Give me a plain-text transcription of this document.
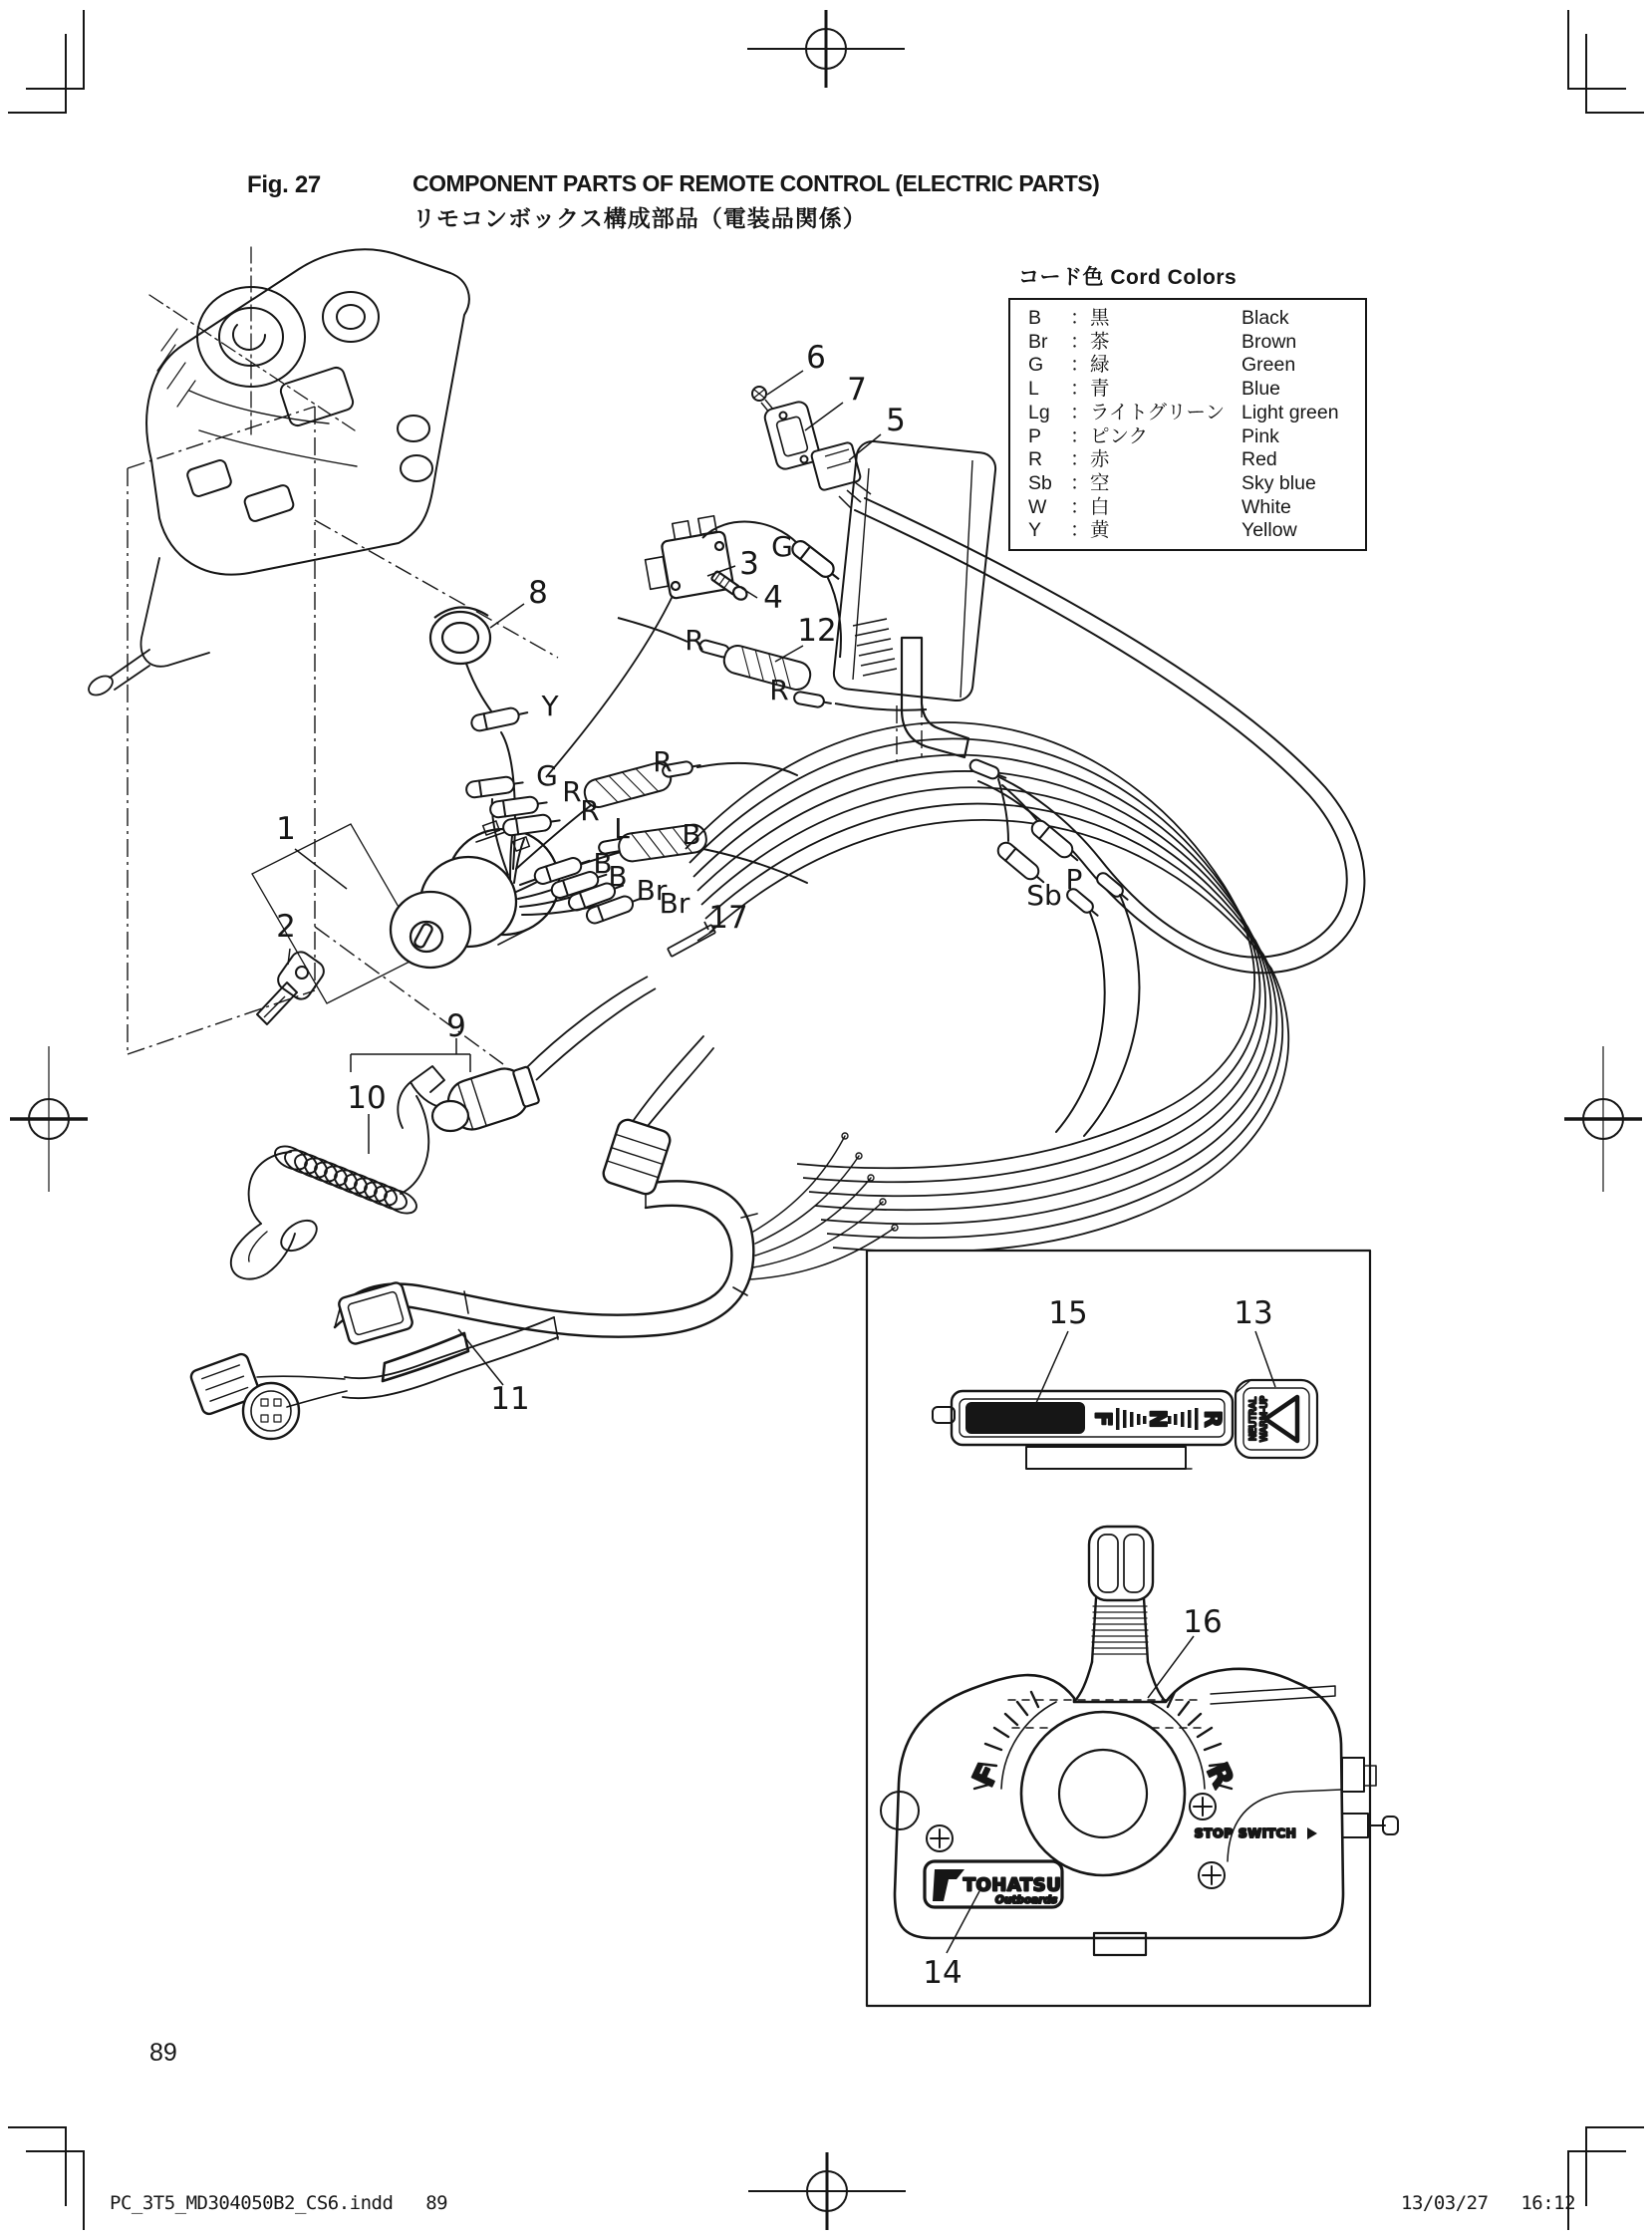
Fig. 27	COMPONENT PARTS OF REMOTE CONTROL (ELECTRIC PARTS)
リモコンボックス構成部品（電装品関係）
コード色 Cord Colors
B ：黒	Black
Br ：茶	Brown
G ：緑	Green
L ：青	Blue
Lg ：ライトグリーン Light green
P ：ピンク	Pink
R ：赤	Red
Sb ：空	Sky blue
W ：白	White
Y ：黄	Yellow
89
PC_3T5_MD304050B2_CS6.indd   89	13/03/27   16:12
F N R	NEUTRAL WARM-UP
F	R
STOP SWITCH
TOHATSU
Outboards
1
2
3
4
5
6
7
8
9
10
11
12
13
14
15
16
17
G
R
R
Y
G R
R
R
L B
B
B Br
Br	Sb P
